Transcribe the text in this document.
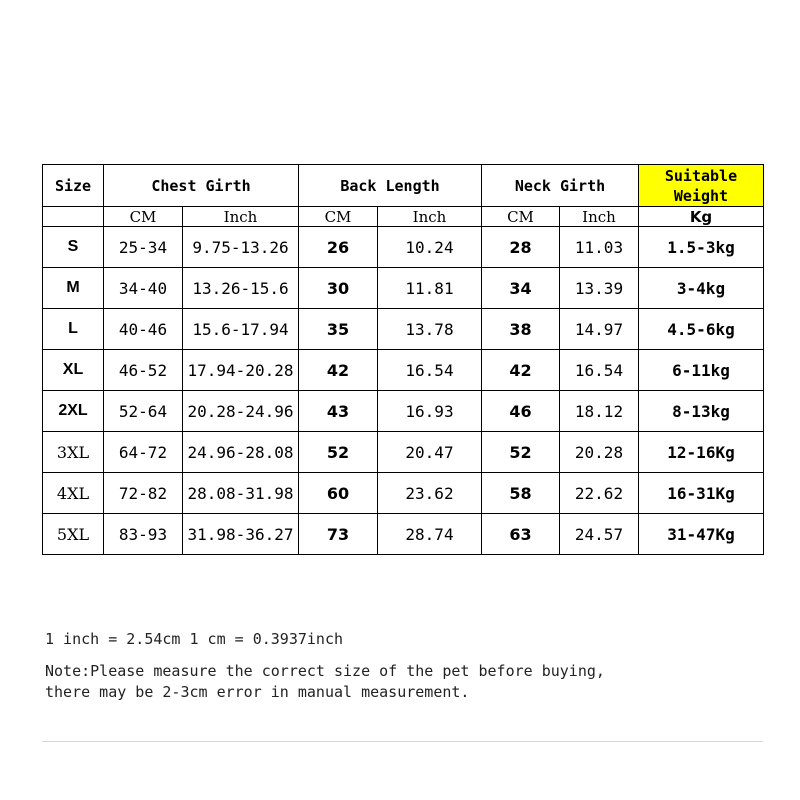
Size	Chest Girth		Back Length		Neck Girth		Suitable Weight
	CM	Inch	CM	Inch	CM	Inch	Kg
S	25-34	9.75-13.26	26	10.24	28	11.03	1.5-3kg
M	34-40	13.26-15.6	30	11.81	34	13.39	3-4kg
L	40-46	15.6-17.94	35	13.78	38	14.97	4.5-6kg
XL	46-52	17.94-20.28	42	16.54	42	16.54	6-11kg
2XL	52-64	20.28-24.96	43	16.93	46	18.12	8-13kg
3XL	64-72	24.96-28.08	52	20.47	52	20.28	12-16Kg
4XL	72-82	28.08-31.98	60	23.62	58	22.62	16-31Kg
5XL	83-93	31.98-36.27	73	28.74	63	24.57	31-47Kg

1 inch = 2.54cm 1 cm = 0.3937inch

Note:Please measure the correct size of the pet before buying,
there may be 2-3cm error in manual measurement.
